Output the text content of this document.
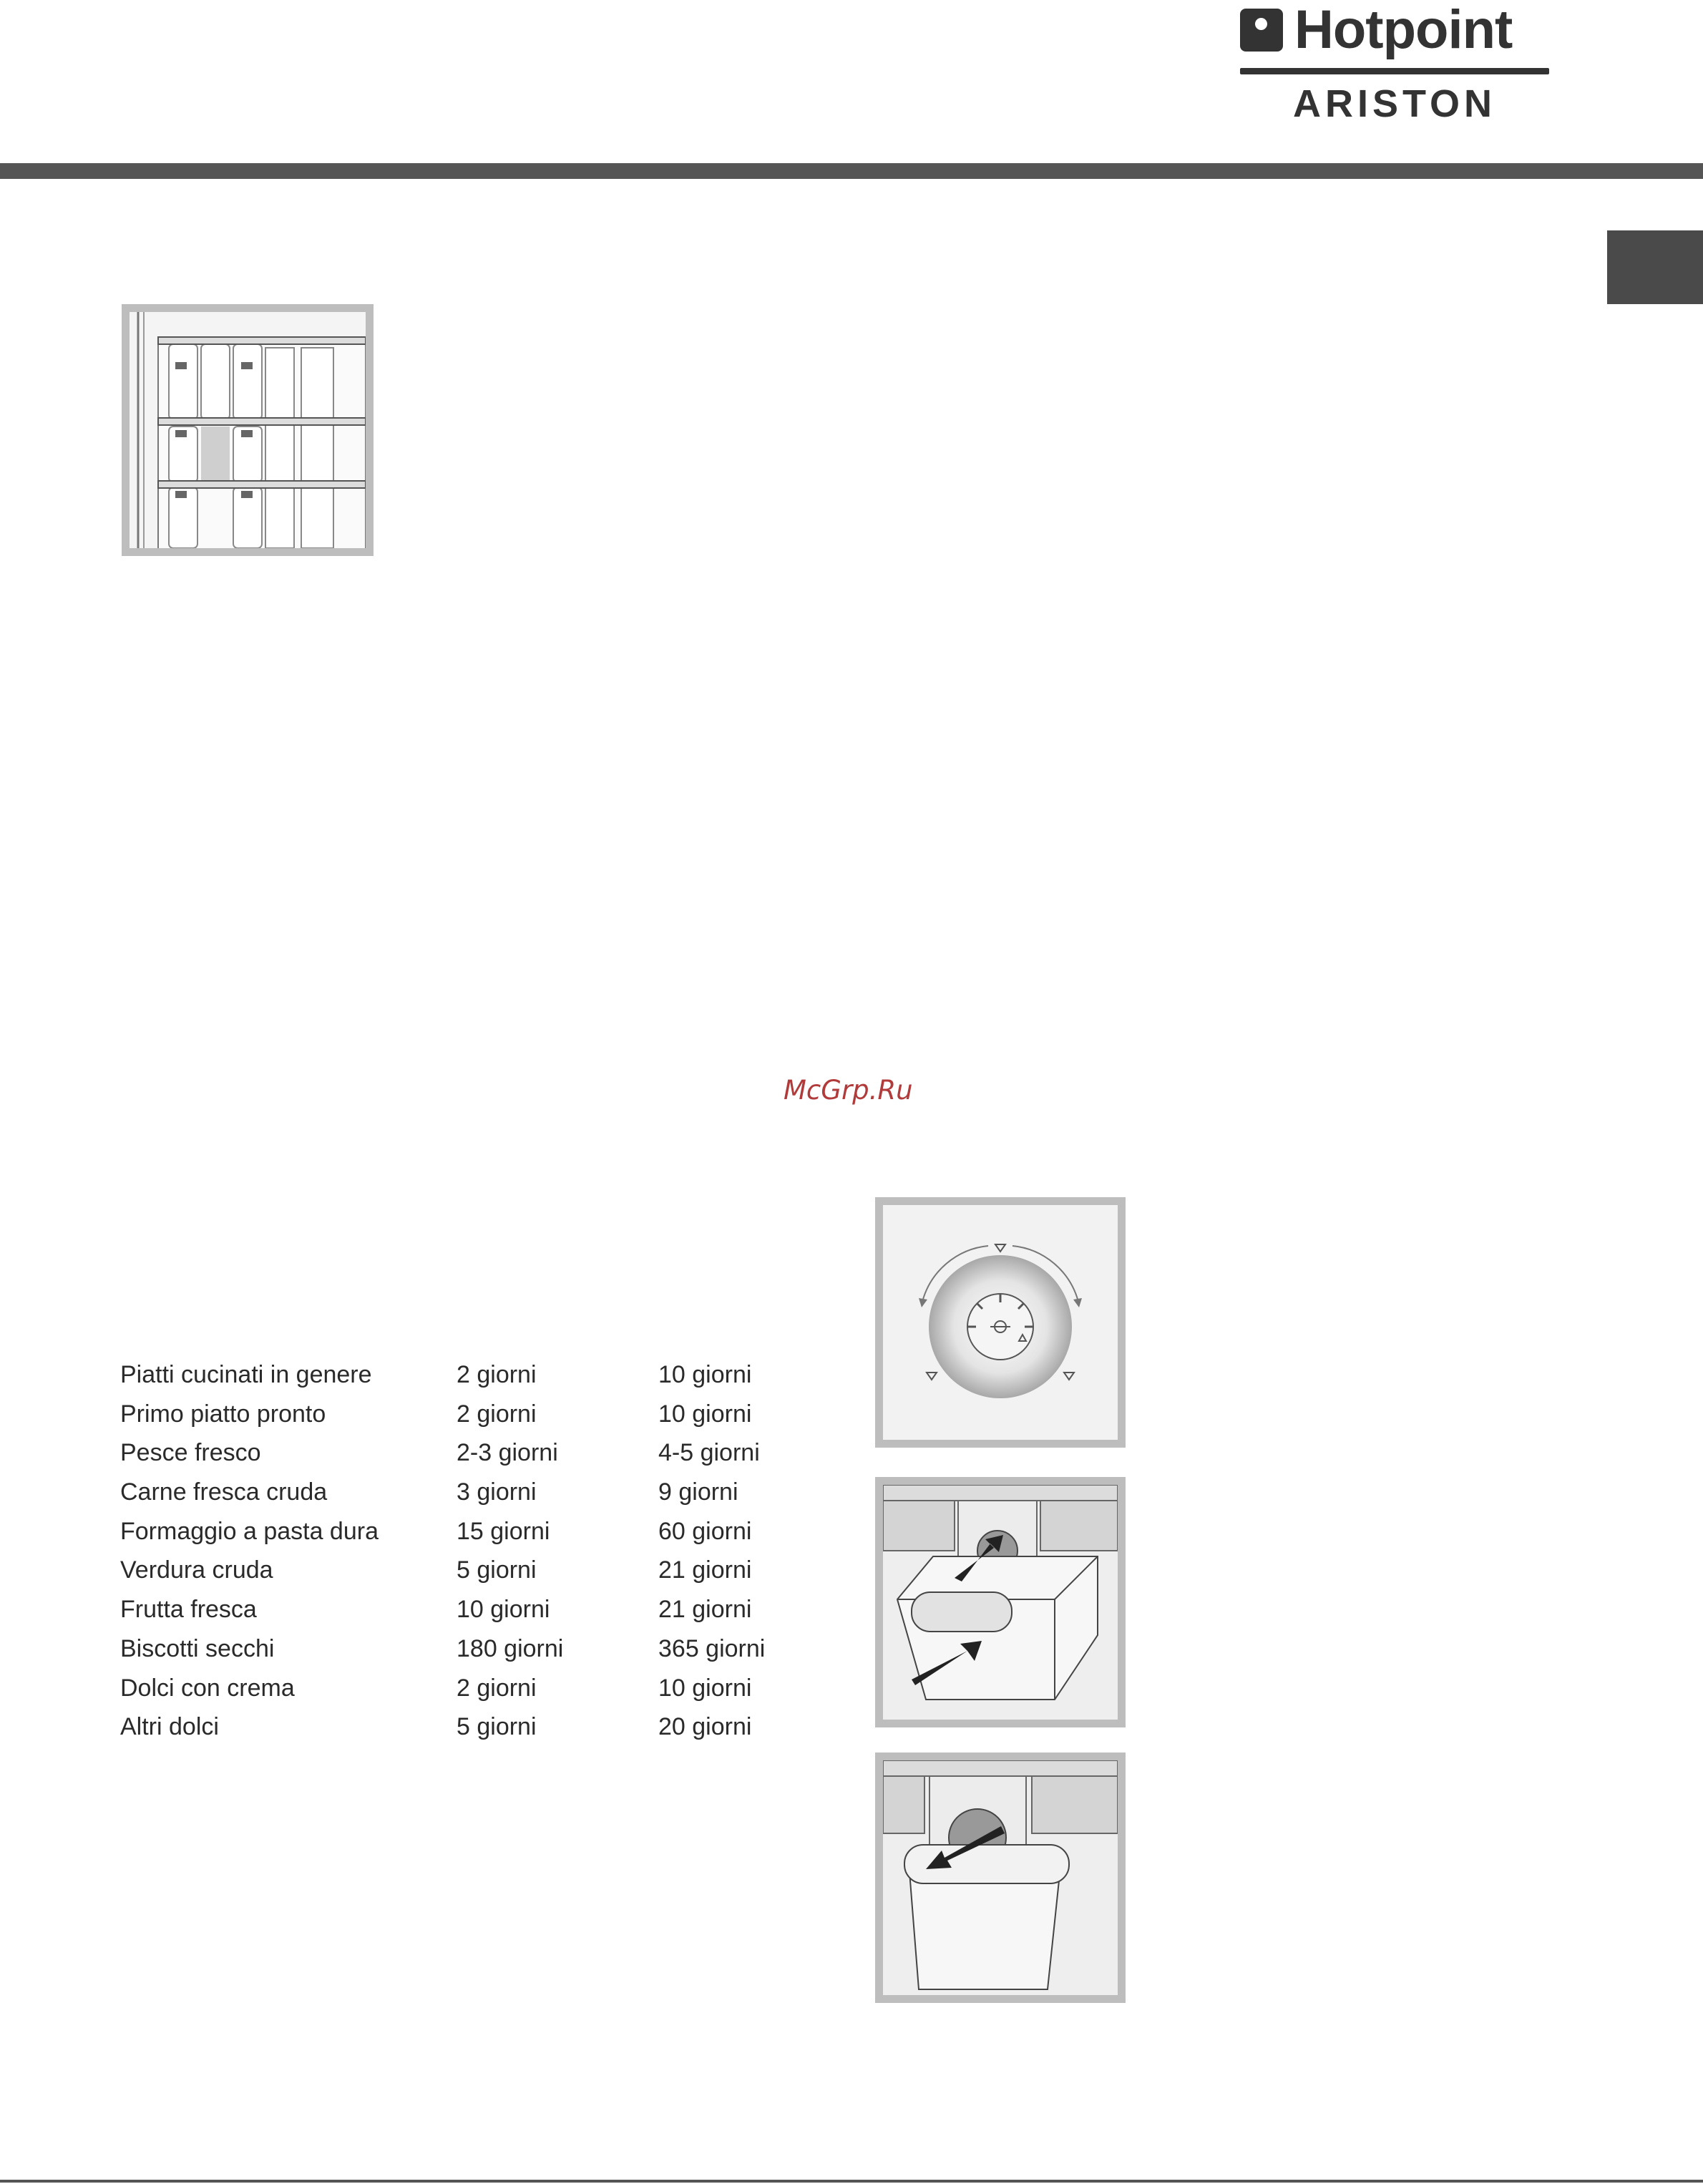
Hotpoint
ARISTON
McGrp.Ru
Piatti cucinati in genere	2 giorni	10 giorni
Primo piatto pronto	2 giorni	10 giorni
Pesce fresco	2-3 giorni	4-5 giorni
Carne fresca cruda	3 giorni	9 giorni
Formaggio a pasta dura	15 giorni	60 giorni
Verdura cruda	5 giorni	21 giorni
Frutta fresca	10 giorni	21 giorni
Biscotti secchi	180 giorni	365 giorni
Dolci con crema	2 giorni	10 giorni
Altri dolci	5 giorni	20 giorni
